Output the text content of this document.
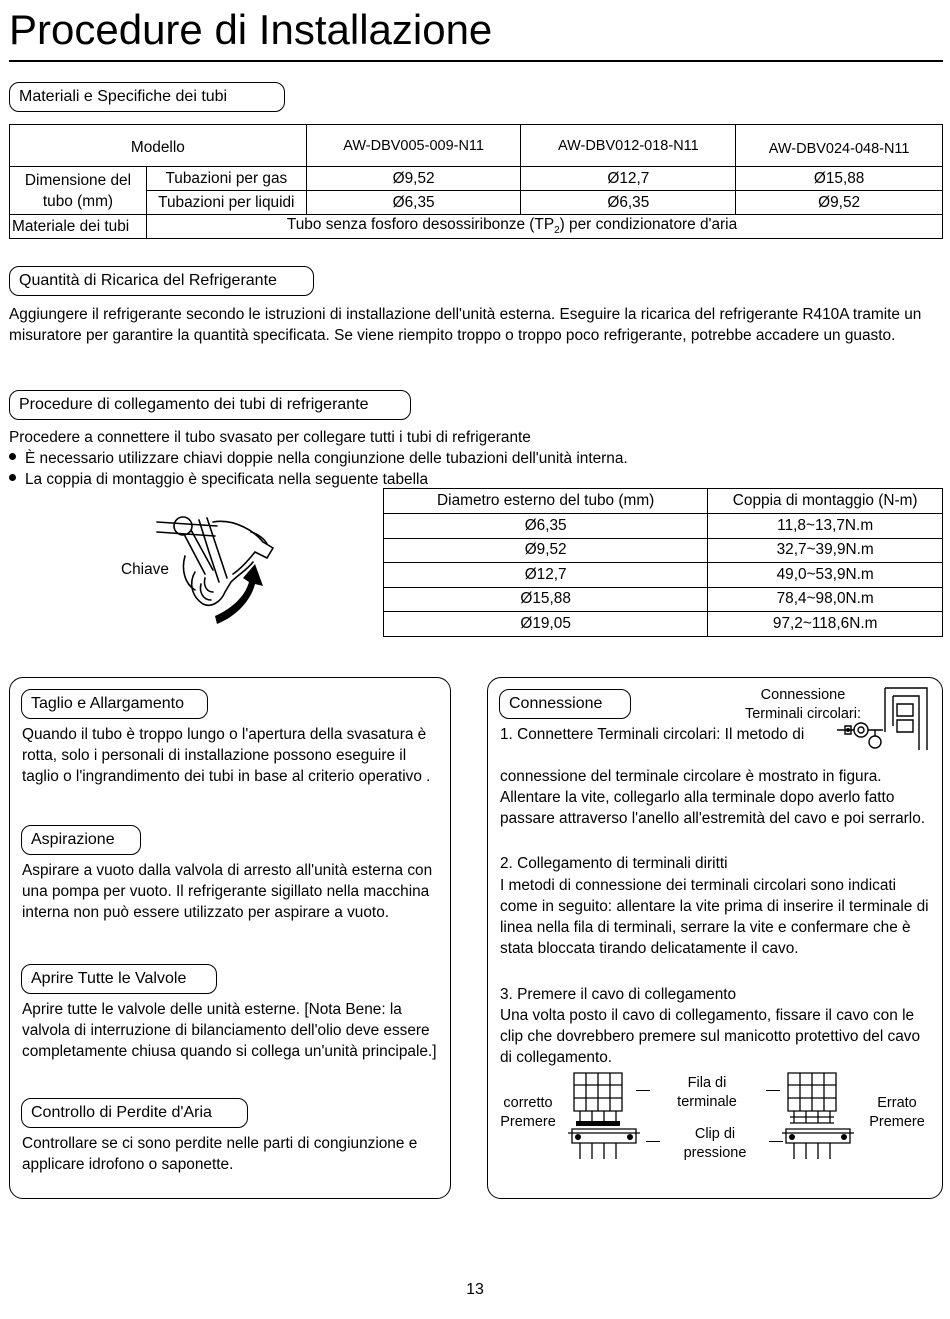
Procedure di Installazione
Materiali e Specifiche dei tubi
Modello		AW-DBV005-009-N11	AW-DBV012-018-N11	AW-DBV024-048-N11
Dimensione del tubo (mm)	Tubazioni per gas	Ø9,52	Ø12,7	Ø15,88
	Tubazioni per liquidi	Ø6,35	Ø6,35	Ø9,52
Materiale dei tubi	Tubo senza fosforo desossiribonze $(TP_2)$ per condizionatore d'aria			
Quantità di Ricarica del Refrigerante
Aggiungere il refrigerante secondo le istruzioni di installazione dell'unità esterna. Eseguire la ricarica del refrigerante R410A tramite un misuratore per garantire la quantità specificata. Se viene riempito troppo o troppo poco refrigerante, potrebbe accadere un guasto.
Procedure di collegamento dei tubi di refrigerante
Procedere a connettere il tubo svasato per collegare tutti i tubi di refrigerante
È necessario utilizzare chiavi doppie nella congiunzione delle tubazioni dell'unità interna.
La coppia di montaggio è specificata nella seguente tabella
Chiave
Diametro esterno del tubo (mm)	Coppia di montaggio (N-m)
Ø6,35	11,8~13,7N.m
Ø9,52	32,7~39,9N.m
Ø12,7	49,0~53,9N.m
Ø15,88	78,4~98,0N.m
Ø19,05	97,2~118,6N.m
Taglio e Allargamento
Quando il tubo è troppo lungo o l'apertura della svasatura è rotta, solo i personali di installazione possono eseguire il taglio o l'ingrandimento dei tubi in base al criterio operativo .
Aspirazione
Aspirare a vuoto dalla valvola di arresto all'unità esterna con una pompa per vuoto. Il refrigerante sigillato nella macchina interna non può essere utilizzato per aspirare a vuoto.
Aprire Tutte le Valvole
Aprire tutte le valvole delle unità esterne. [Nota Bene: la valvola di interruzione di bilanciamento dell'olio deve essere completamente chiusa quando si collega un'unità principale.]
Controllo di Perdite d'Aria
Controllare se ci sono perdite nelle parti di congiunzione e applicare idrofono o saponette.
Connessione	Connessione Terminali circolari:
1. Connettere Terminali circolari: Il metodo di
connessione del terminale circolare è mostrato in figura. Allentare la vite, collegarlo alla terminale dopo averlo fatto passare attraverso l'anello all'estremità del cavo e poi serrarlo.
2. Collegamento di terminali diritti
I metodi di connessione dei terminali circolari sono indicati come in seguito: allentare la vite prima di inserire il terminale di linea nella fila di terminali, serrare la vite e confermare che è stata bloccata tirando delicatamente il cavo.
3. Premere il cavo di collegamento
Una volta posto il cavo di collegamento, fissare il cavo con le clip che dovrebbero premere sul manicotto protettivo del cavo di collegamento.
corretto Premere
Fila di terminale
Clip di pressione
Errato Premere
13
